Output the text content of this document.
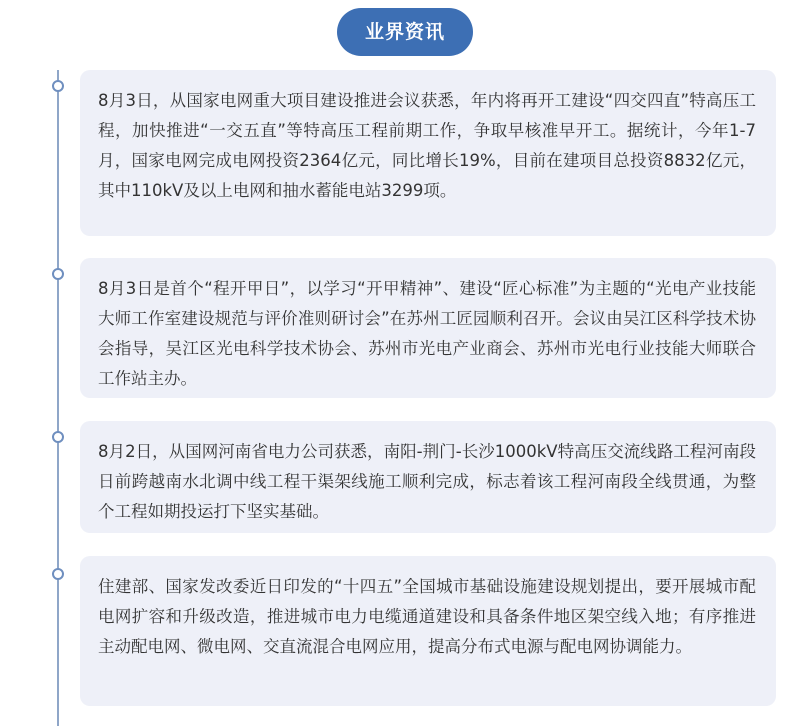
业界资讯

8月3日，从国家电网重大项目建设推进会议获悉，年内将再开工建设“四交四直”特高压工程，加快推进“一交五直”等特高压工程前期工作，争取早核准早开工。据统计，今年1-7月，国家电网完成电网投资2364亿元，同比增长19%，目前在建项目总投资8832亿元，其中110kV及以上电网和抽水蓄能电站3299项。

8月3日是首个“程开甲日”，以学习“开甲精神”、建设“匠心标准”为主题的“光电产业技能大师工作室建设规范与评价准则研讨会”在苏州工匠园顺利召开。会议由吴江区科学技术协会指导，吴江区光电科学技术协会、苏州市光电产业商会、苏州市光电行业技能大师联合工作站主办。

8月2日，从国网河南省电力公司获悉，南阳-荆门-长沙1000kV特高压交流线路工程河南段日前跨越南水北调中线工程干渠架线施工顺利完成，标志着该工程河南段全线贯通，为整个工程如期投运打下坚实基础。

住建部、国家发改委近日印发的“十四五”全国城市基础设施建设规划提出，要开展城市配电网扩容和升级改造，推进城市电力电缆通道建设和具备条件地区架空线入地；有序推进主动配电网、微电网、交直流混合电网应用，提高分布式电源与配电网协调能力。
